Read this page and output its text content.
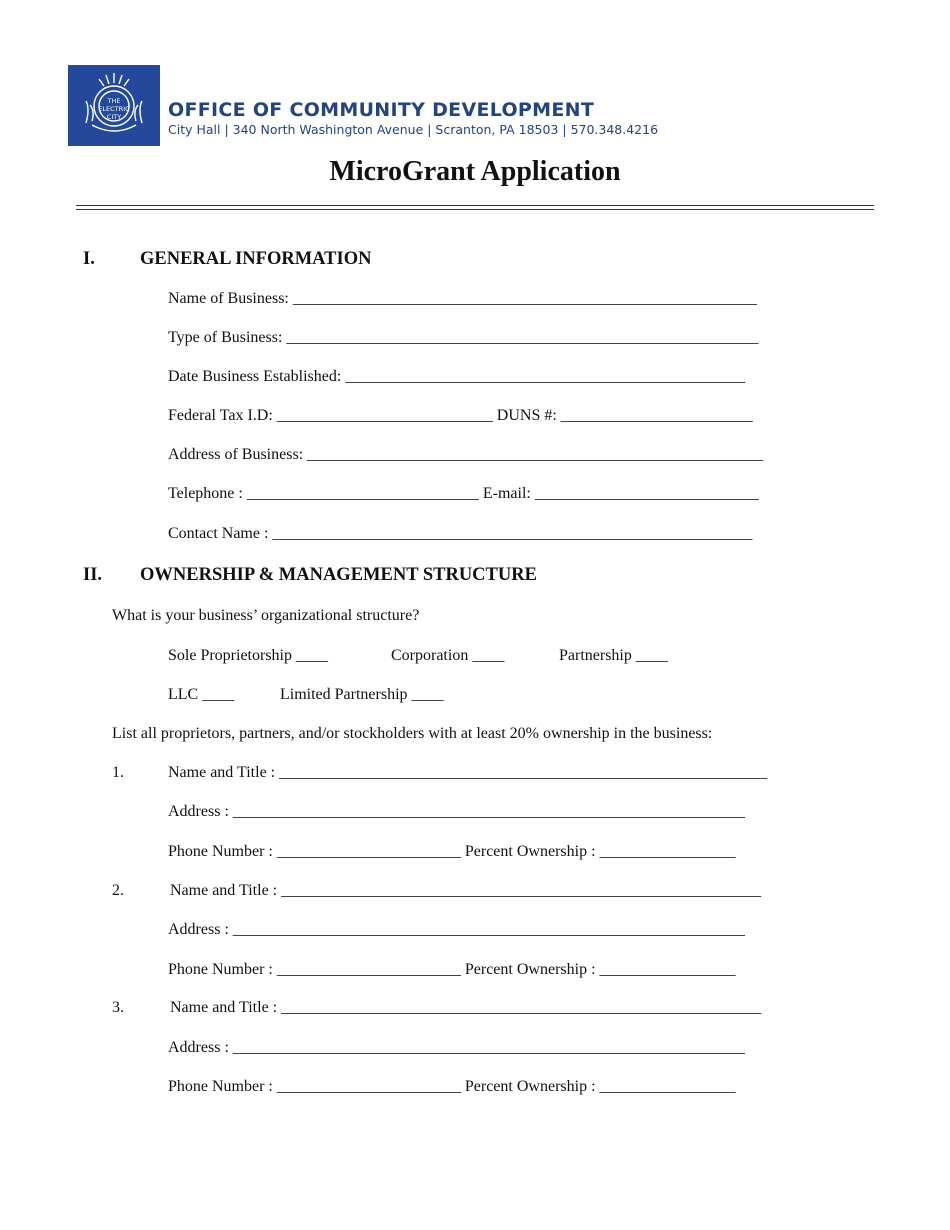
THE
ELECTRIC
CITY OFFICE OF COMMUNITY DEVELOPMENT
City Hall | 340 North Washington Avenue | Scranton, PA 18503 | 570.348.4216
MicroGrant Application
I. GENERAL INFORMATION
Name of Business: __________________________________________________________
Type of Business: ___________________________________________________________
Date Business Established: __________________________________________________
Federal Tax I.D: ___________________________ DUNS #: ________________________
Address of Business: _________________________________________________________
Telephone : _____________________________ E-mail: ____________________________
Contact Name : ____________________________________________________________
II. OWNERSHIP & MANAGEMENT STRUCTURE
What is your business’ organizational structure?
Sole Proprietorship ____	Corporation ____	Partnership ____
LLC ____	Limited Partnership ____
List all proprietors, partners, and/or stockholders with at least 20% ownership in the business:
1.	Name and Title : _____________________________________________________________
Address : ________________________________________________________________
Phone Number : _______________________ Percent Ownership : _________________
2.	Name and Title : ____________________________________________________________
Address : ________________________________________________________________
Phone Number : _______________________ Percent Ownership : _________________
3.	Name and Title : ____________________________________________________________
Address : ________________________________________________________________
Phone Number : _______________________ Percent Ownership : _________________
